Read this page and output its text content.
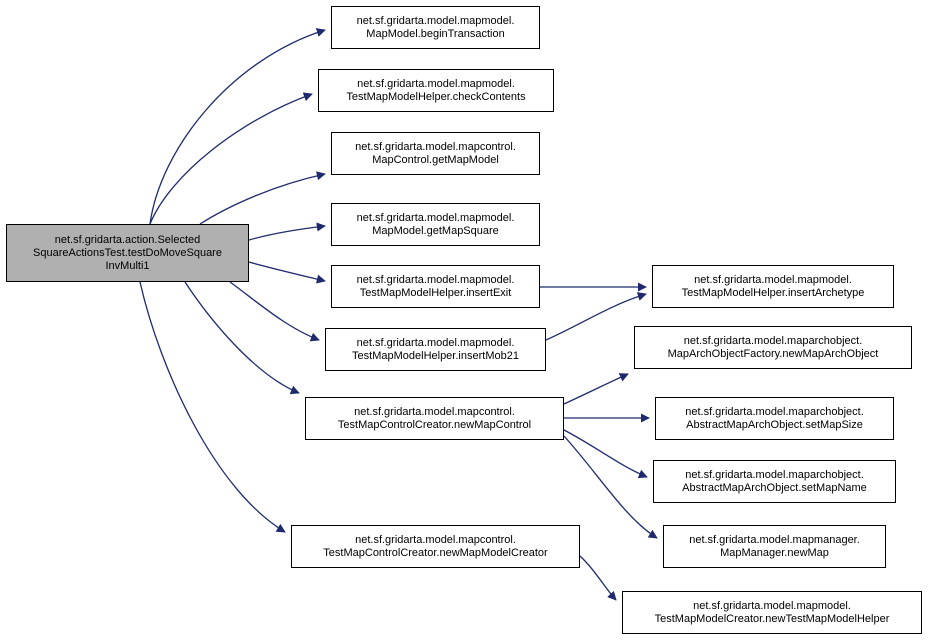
net.sf.gridarta.action.Selected
SquareActionsTest.testDoMoveSquare
InvMulti1
net.sf.gridarta.model.mapmodel.
MapModel.beginTransaction
net.sf.gridarta.model.mapmodel.
TestMapModelHelper.checkContents
net.sf.gridarta.model.mapcontrol.
MapControl.getMapModel
net.sf.gridarta.model.mapmodel.
MapModel.getMapSquare
net.sf.gridarta.model.mapmodel.
TestMapModelHelper.insertExit
net.sf.gridarta.model.mapmodel.
TestMapModelHelper.insertMob21
net.sf.gridarta.model.mapcontrol.
TestMapControlCreator.newMapControl
net.sf.gridarta.model.mapcontrol.
TestMapControlCreator.newMapModelCreator
net.sf.gridarta.model.mapmodel.
TestMapModelHelper.insertArchetype
net.sf.gridarta.model.maparchobject.
MapArchObjectFactory.newMapArchObject
net.sf.gridarta.model.maparchobject.
AbstractMapArchObject.setMapSize
net.sf.gridarta.model.maparchobject.
AbstractMapArchObject.setMapName
net.sf.gridarta.model.mapmanager.
MapManager.newMap
net.sf.gridarta.model.mapmodel.
TestMapModelCreator.newTestMapModelHelper
